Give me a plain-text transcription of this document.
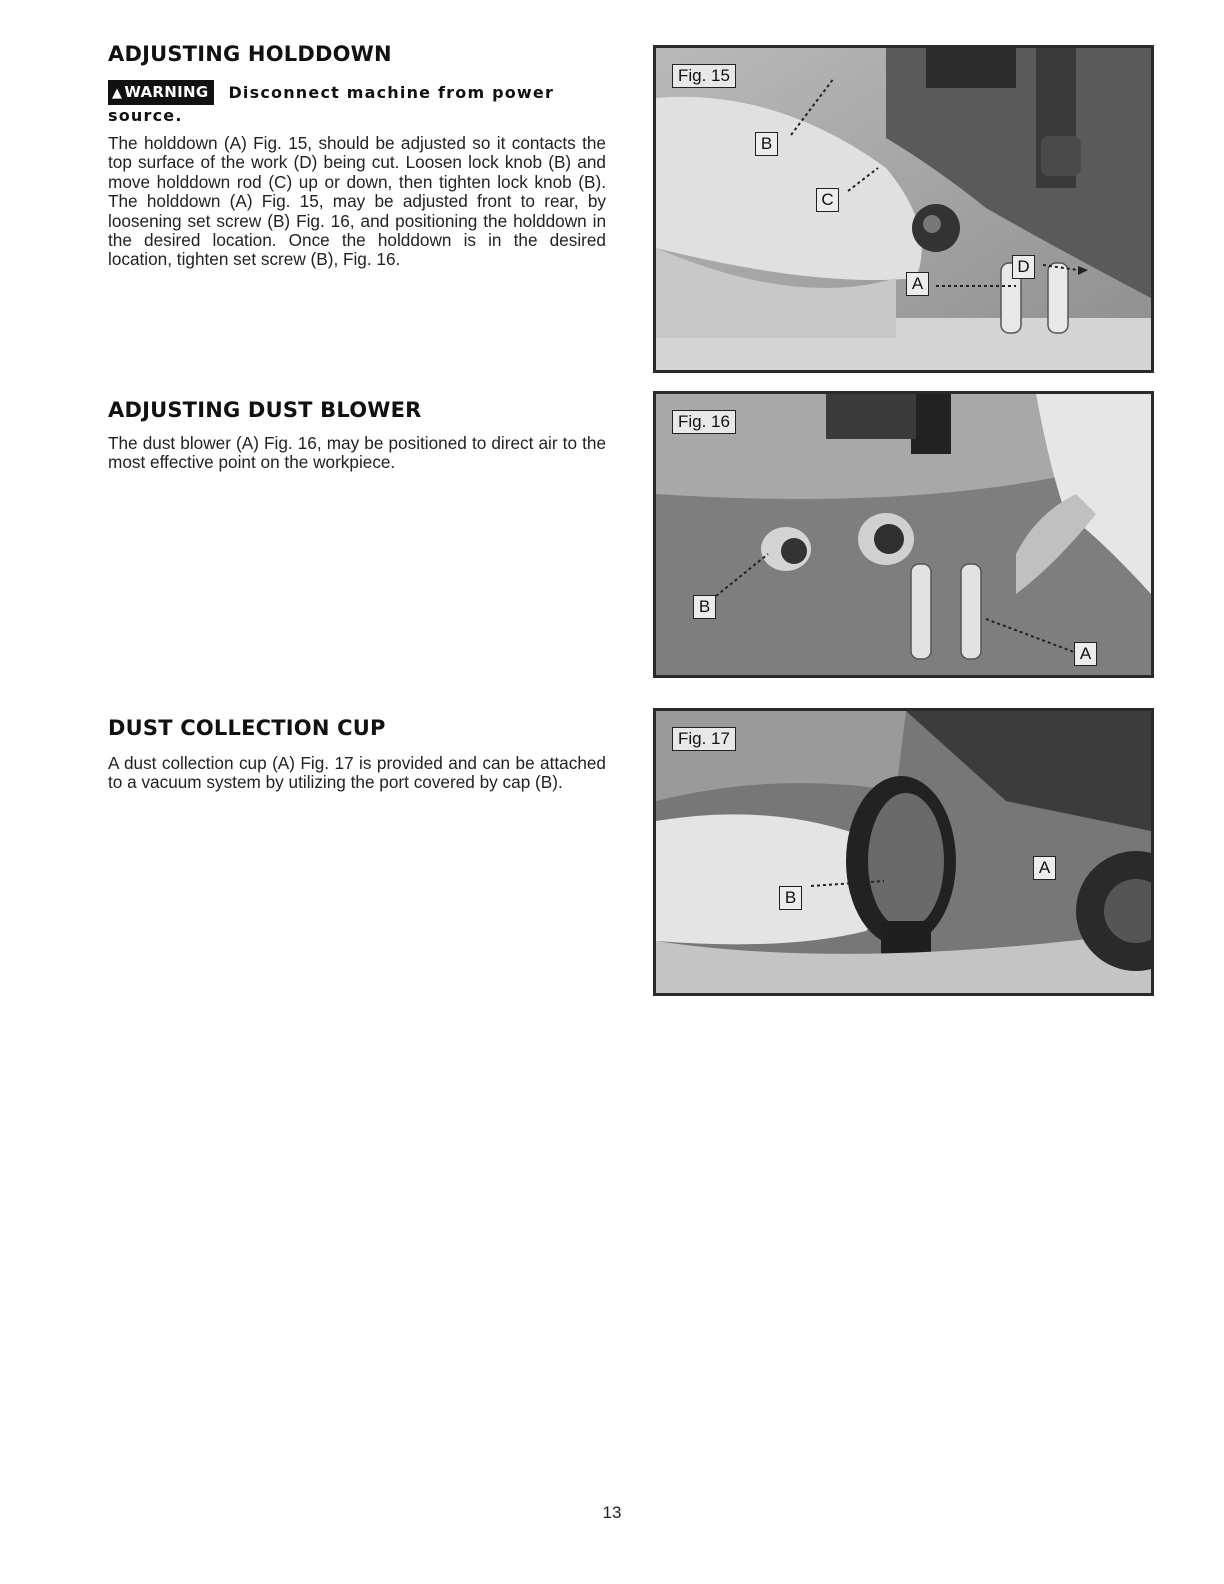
ADJUSTING HOLDDOWN
▲ WARNING Disconnect machine from power source.

The holddown (A) Fig. 15, should be adjusted so it contacts the top surface of the work (D) being cut. Loosen lock knob (B) and move holddown rod (C) up or down, then tighten lock knob (B). The holddown (A) Fig. 15, may be adjusted front to rear, by loosening set screw (B) Fig. 16, and positioning the holddown in the desired location. Once the holddown is in the desired location, tighten set screw (B), Fig. 16.

ADJUSTING DUST BLOWER

The dust blower (A) Fig. 16, may be positioned to direct air to the most effective point on the workpiece.

DUST COLLECTION CUP

A dust collection cup (A) Fig. 17 is provided and can be attached to a vacuum system by utilizing the port covered by cap (B).

Fig. 15
B
C
A
D
Fig. 16
B
A
Fig. 17
A
B
13
